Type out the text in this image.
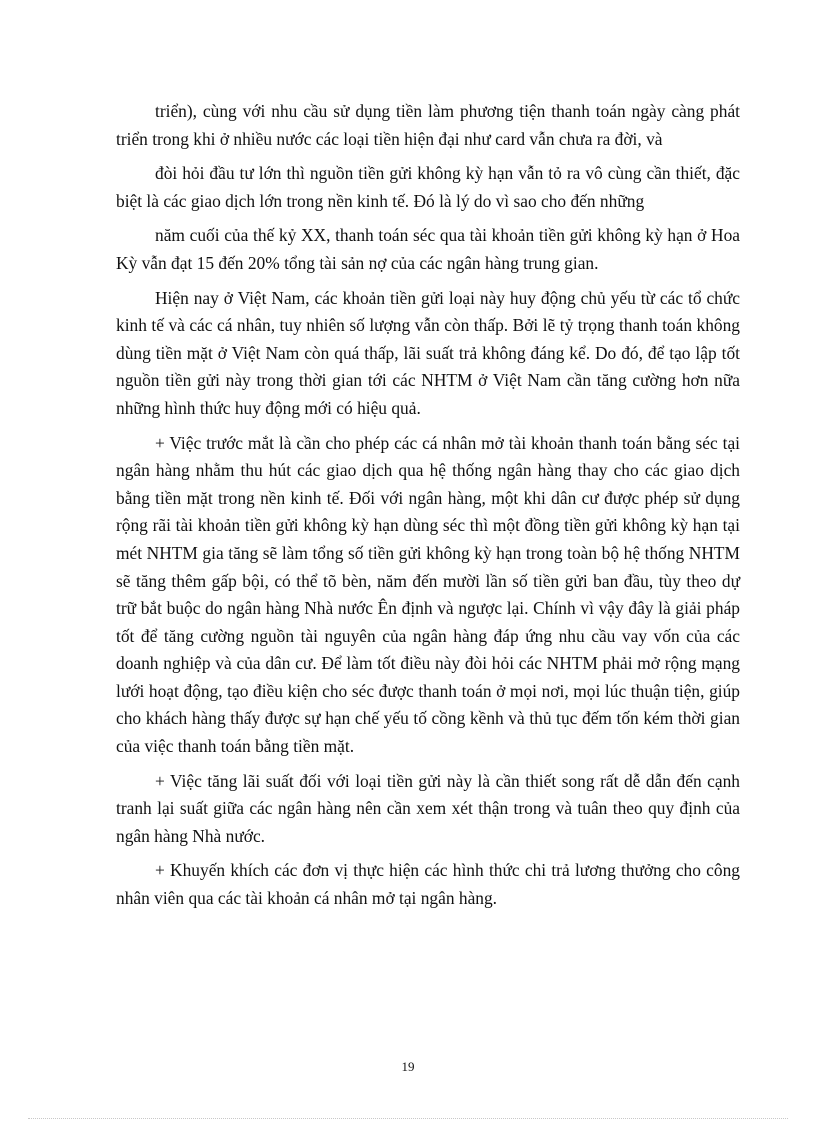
triển), cùng với nhu cầu sử dụng tiền làm phương tiện thanh toán ngày càng phát triển trong khi ở nhiều nước các loại tiền hiện đại như card vẫn chưa ra đời, và

đòi hỏi đầu tư lớn thì nguồn tiền gửi không kỳ hạn vẫn tỏ ra vô cùng cần thiết, đặc biệt là các giao dịch lớn trong nền kinh tế. Đó là lý do vì sao cho đến những

năm cuối của thế kỷ XX, thanh toán séc qua tài khoản tiền gửi không kỳ hạn ở Hoa Kỳ vẫn đạt 15 đến 20% tổng tài sản nợ của các ngân hàng trung gian.

Hiện nay ở Việt Nam, các khoản tiền gửi loại này huy động chủ yếu từ các tổ chức kinh tế và các cá nhân, tuy nhiên số lượng vẫn còn thấp. Bởi lẽ tỷ trọng thanh toán không dùng tiền mặt ở Việt Nam còn quá thấp, lãi suất trả không đáng kể. Do đó, để tạo lập tốt nguồn tiền gửi này trong thời gian tới các NHTM ở Việt Nam cần tăng cường hơn nữa những hình thức huy động mới có hiệu quả.

+ Việc trước mắt là cần cho phép các cá nhân mở tài khoản thanh toán bằng séc tại ngân hàng nhằm thu hút các giao dịch qua hệ thống ngân hàng thay cho các giao dịch bằng tiền mặt trong nền kinh tế. Đối với ngân hàng, một khi dân cư được phép sử dụng rộng rãi tài khoản tiền gửi không kỳ hạn dùng séc thì một đồng tiền gửi không kỳ hạn tại mét NHTM gia tăng sẽ làm tổng số tiền gửi không kỳ hạn trong toàn bộ hệ thống NHTM sẽ tăng thêm gấp bội, có thể tõ bèn, năm đến mười lần số tiền gửi ban đầu, tùy theo dự trữ bắt buộc do ngân hàng Nhà nước Ên định và ngược lại. Chính vì vậy đây là giải pháp tốt để tăng cường nguồn tài nguyên của ngân hàng đáp ứng nhu cầu vay vốn của các doanh nghiệp và của dân cư. Để làm tốt điều này đòi hỏi các NHTM phải mở rộng mạng lưới hoạt động, tạo điều kiện cho séc được thanh toán ở mọi nơi, mọi lúc thuận tiện, giúp cho khách hàng thấy được sự hạn chế yếu tố cồng kềnh và thủ tục đếm tốn kém thời gian của việc thanh toán bằng tiền mặt.

+ Việc tăng lãi suất đối với loại tiền gửi này là cần thiết song rất dễ dẫn đến cạnh tranh lại suất giữa các ngân hàng nên cần xem xét thận trong và tuân theo quy định của ngân hàng Nhà nước.

+ Khuyến khích các đơn vị thực hiện các hình thức chi trả lương thưởng cho công nhân viên qua các tài khoản cá nhân mở tại ngân hàng.

19
